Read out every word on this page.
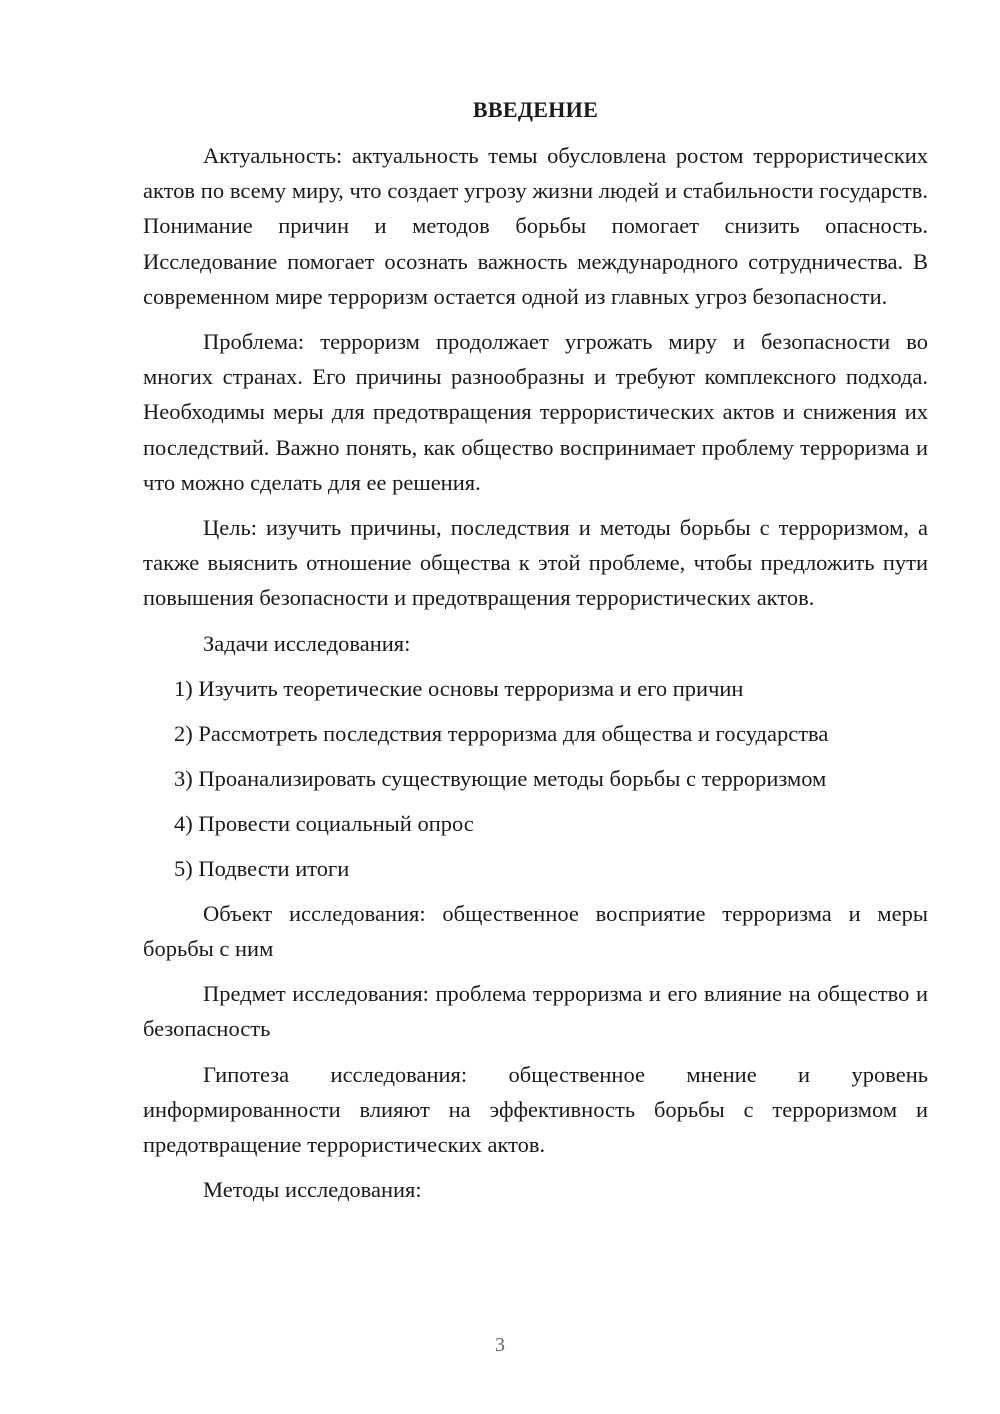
ВВЕДЕНИЕ

Актуальность: актуальность темы обусловлена ростом террористических актов по всему миру, что создает угрозу жизни людей и стабильности государств. Понимание причин и методов борьбы помогает снизить опасность. Исследование помогает осознать важность международного сотрудничества. В современном мире терроризм остается одной из главных угроз безопасности.

Проблема: терроризм продолжает угрожать миру и безопасности во многих странах. Его причины разнообразны и требуют комплексного подхода. Необходимы меры для предотвращения террористических актов и снижения их последствий. Важно понять, как общество воспринимает проблему терроризма и что можно сделать для ее решения.

Цель: изучить причины, последствия и методы борьбы с терроризмом, а также выяснить отношение общества к этой проблеме, чтобы предложить пути повышения безопасности и предотвращения террористических актов.

Задачи исследования:

1) Изучить теоретические основы терроризма и его причин
2) Рассмотреть последствия терроризма для общества и государства
3) Проанализировать существующие методы борьбы с терроризмом
4) Провести социальный опрос
5) Подвести итоги

Объект исследования: общественное восприятие терроризма и меры борьбы с ним

Предмет исследования: проблема терроризма и его влияние на общество и безопасность

Гипотеза исследования: общественное мнение и уровень информированности влияют на эффективность борьбы с терроризмом и предотвращение террористических актов.

Методы исследования:

3
